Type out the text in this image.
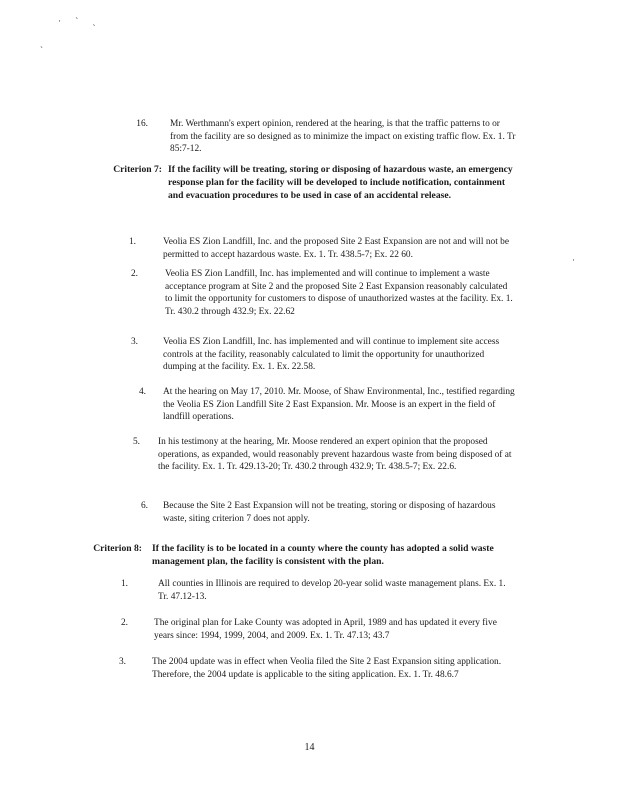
· ` ˎ
ˎ
·
16. Mr. Werthmann's expert opinion, rendered at the hearing, is that the traffic patterns to or from the facility are so designed as to minimize the impact on existing traffic flow. Ex. 1. Tr 85:7-12.
Criterion 7: If the facility will be treating, storing or disposing of hazardous waste, an emergency response plan for the facility will be developed to include notification, containment and evacuation procedures to be used in case of an accidental release.
1.	Veolia ES Zion Landfill, Inc. and the proposed Site 2 East Expansion are not and will not be permitted to accept hazardous waste. Ex. 1. Tr. 438.5-7; Ex. 22 60.
2.	Veolia ES Zion Landfill, Inc. has implemented and will continue to implement a waste acceptance program at Site 2 and the proposed Site 2 East Expansion reasonably calculated to limit the opportunity for customers to dispose of unauthorized wastes at the facility. Ex. 1. Tr. 430.2 through 432.9; Ex. 22.62
3.	Veolia ES Zion Landfill, Inc. has implemented and will continue to implement site access controls at the facility, reasonably calculated to limit the opportunity for unauthorized dumping at the facility. Ex. 1. Ex. 22.58.
4. At the hearing on May 17, 2010. Mr. Moose, of Shaw Environmental, Inc., testified regarding the Veolia ES Zion Landfill Site 2 East Expansion. Mr. Moose is an expert in the field of landfill operations.
5. In his testimony at the hearing, Mr. Moose rendered an expert opinion that the proposed operations, as expanded, would reasonably prevent hazardous waste from being disposed of at the facility. Ex. 1. Tr. 429.13-20; Tr. 430.2 through 432.9; Tr. 438.5-7; Ex. 22.6.
6. Because the Site 2 East Expansion will not be treating, storing or disposing of hazardous waste, siting criterion 7 does not apply.
Criterion 8: If the facility is to be located in a county where the county has adopted a solid waste management plan, the facility is consistent with the plan.
1.	All counties in Illinois are required to develop 20-year solid waste management plans. Ex. 1. Tr. 47.12-13.
2.	The original plan for Lake County was adopted in April, 1989 and has updated it every five years since: 1994, 1999, 2004, and 2009. Ex. 1. Tr. 47.13; 43.7
3.	The 2004 update was in effect when Veolia filed the Site 2 East Expansion siting application. Therefore, the 2004 update is applicable to the siting application. Ex. 1. Tr. 48.6.7
14
